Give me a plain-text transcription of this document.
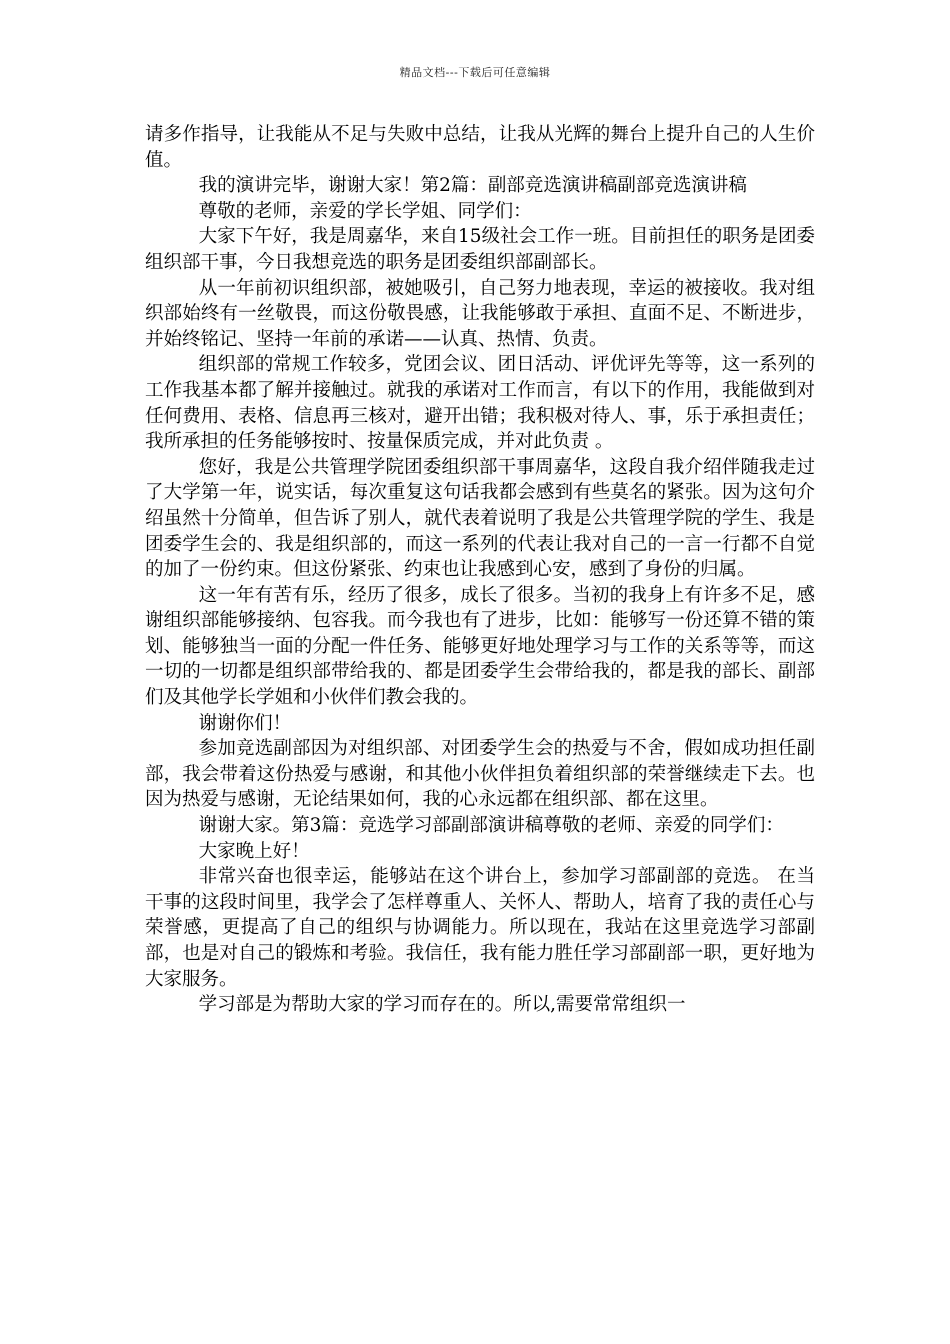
精品文档---下载后可任意编辑

请多作指导，让我能从不足与失败中总结，让我从光辉的舞台上提升自己的人生价值。

我的演讲完毕，谢谢大家！第2篇：副部竞选演讲稿副部竞选演讲稿

尊敬的老师，亲爱的学长学姐、同学们：

大家下午好，我是周嘉华，来自15级社会工作一班。目前担任的职务是团委组织部干事，今日我想竞选的职务是团委组织部副部长。

从一年前初识组织部，被她吸引，自己努力地表现，幸运的被接收。我对组织部始终有一丝敬畏，而这份敬畏感，让我能够敢于承担、直面不足、不断进步，并始终铭记、坚持一年前的承诺——认真、热情、负责。

组织部的常规工作较多，党团会议、团日活动、评优评先等等，这一系列的工作我基本都了解并接触过。就我的承诺对工作而言，有以下的作用，我能做到对任何费用、表格、信息再三核对，避开出错；我积极对待人、事，乐于承担责任；我所承担的任务能够按时、按量保质完成，并对此负责 。

您好，我是公共管理学院团委组织部干事周嘉华，这段自我介绍伴随我走过了大学第一年，说实话，每次重复这句话我都会感到有些莫名的紧张。因为这句介绍虽然十分简单，但告诉了别人，就代表着说明了我是公共管理学院的学生、我是团委学生会的、我是组织部的，而这一系列的代表让我对自己的一言一行都不自觉的加了一份约束。但这份紧张、约束也让我感到心安，感到了身份的归属。

这一年有苦有乐，经历了很多，成长了很多。当初的我身上有许多不足，感谢组织部能够接纳、包容我。而今我也有了进步，比如：能够写一份还算不错的策划、能够独当一面的分配一件任务、能够更好地处理学习与工作的关系等等，而这一切的一切都是组织部带给我的、都是团委学生会带给我的，都是我的部长、副部们及其他学长学姐和小伙伴们教会我的。

谢谢你们！

参加竞选副部因为对组织部、对团委学生会的热爱与不舍，假如成功担任副部，我会带着这份热爱与感谢，和其他小伙伴担负着组织部的荣誉继续走下去。也因为热爱与感谢，无论结果如何，我的心永远都在组织部、都在这里。

谢谢大家。第3篇：竞选学习部副部演讲稿尊敬的老师、亲爱的同学们：

大家晚上好！

非常兴奋也很幸运，能够站在这个讲台上，参加学习部副部的竞选。 在当干事的这段时间里，我学会了怎样尊重人、关怀人、帮助人，培育了我的责任心与荣誉感，更提高了自己的组织与协调能力。所以现在，我站在这里竞选学习部副部，也是对自己的锻炼和考验。我信任，我有能力胜任学习部副部一职，更好地为大家服务。

学习部是为帮助大家的学习而存在的。所以,需要常常组织一
